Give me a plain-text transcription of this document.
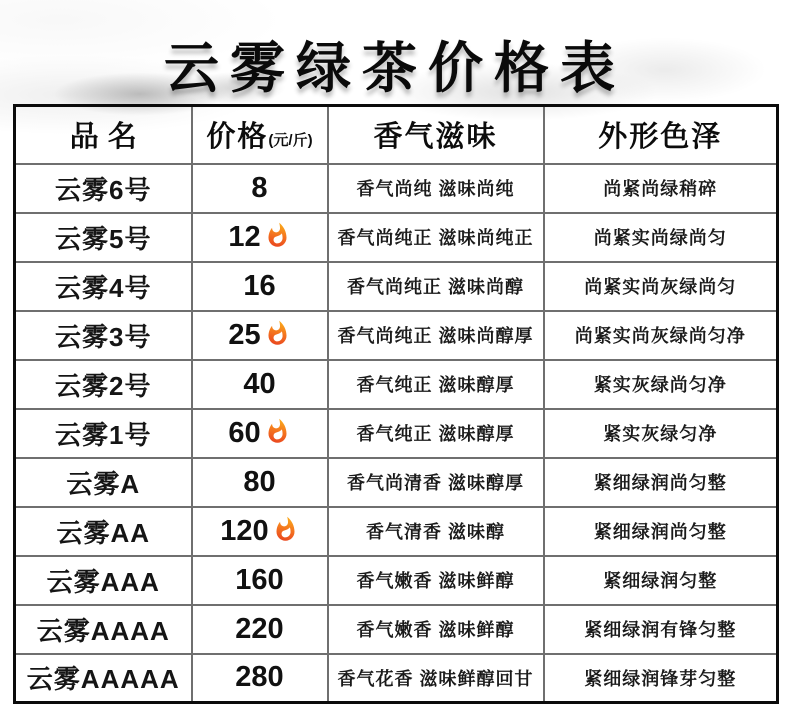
云雾绿茶价格表
品名	价格(元/斤)	香气滋味	外形色泽
云雾6号	8	香气尚纯 滋味尚纯	尚紧尚绿稍碎
云雾5号	12	香气尚纯正 滋味尚纯正	尚紧实尚绿尚匀
云雾4号	16	香气尚纯正 滋味尚醇	尚紧实尚灰绿尚匀
云雾3号	25	香气尚纯正 滋味尚醇厚	尚紧实尚灰绿尚匀净
云雾2号	40	香气纯正 滋味醇厚	紧实灰绿尚匀净
云雾1号	60	香气纯正 滋味醇厚	紧实灰绿匀净
云雾A	80	香气尚清香 滋味醇厚	紧细绿润尚匀整
云雾AA	120	香气清香 滋味醇	紧细绿润尚匀整
云雾AAA	160	香气嫩香 滋味鲜醇	紧细绿润匀整
云雾AAAA	220	香气嫩香 滋味鲜醇	紧细绿润有锋匀整
云雾AAAAA	280	香气花香 滋味鲜醇回甘	紧细绿润锋芽匀整
